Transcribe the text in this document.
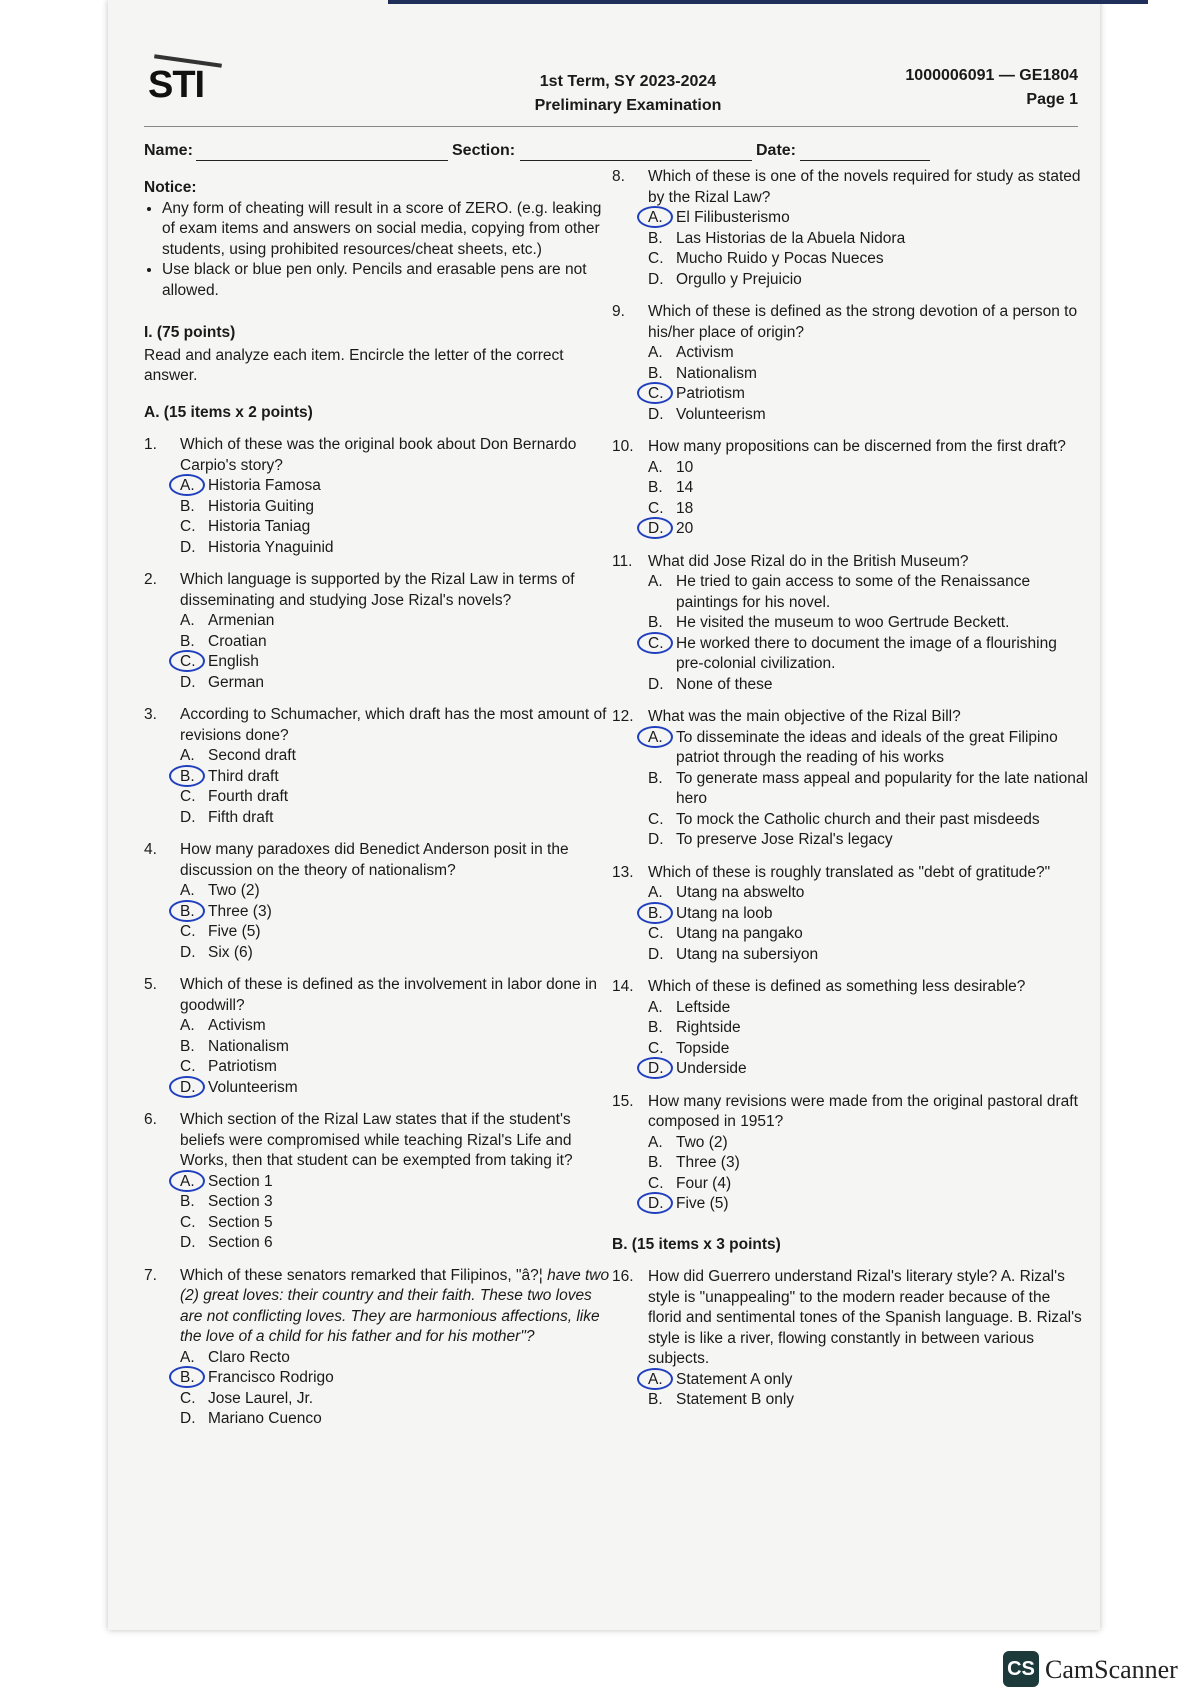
STI	1st Term, SY 2023-2024
Preliminary Examination
1000006091 — GE1804
Page 1
Name:	Section:	Date:
Notice:
• Any form of cheating will result in a score of ZERO. (e.g. leaking of exam items and answers on social media, copying from other students, using prohibited resources/cheat sheets, etc.)
• Use black or blue pen only. Pencils and erasable pens are not allowed.
I. (75 points)
Read and analyze each item. Encircle the letter of the correct answer.
A. (15 items x 2 points)
1.	Which of these was the original book about Don Bernardo Carpio's story?
A. Historia Famosa
B. Historia Guiting
C. Historia Taniag
D. Historia Ynaguinid
2.	Which language is supported by the Rizal Law in terms of disseminating and studying Jose Rizal's novels?
A. Armenian
B. Croatian
C. English
D. German
3.	According to Schumacher, which draft has the most amount of revisions done?
A. Second draft
B. Third draft
C. Fourth draft
D. Fifth draft
4.	How many paradoxes did Benedict Anderson posit in the discussion on the theory of nationalism?
A. Two (2)
B. Three (3)
C. Five (5)
D. Six (6)
5.	Which of these is defined as the involvement in labor done in goodwill?
A. Activism
B. Nationalism
C. Patriotism
D. Volunteerism
6.	Which section of the Rizal Law states that if the student's beliefs were compromised while teaching Rizal's Life and Works, then that student can be exempted from taking it?
A. Section 1
B. Section 3
C. Section 5
D. Section 6
7.	Which of these senators remarked that Filipinos, "â?¦ have two (2) great loves: their country and their faith. These two loves are not conflicting loves. They are harmonious affections, like the love of a child for his father and for his mother"?
A. Claro Recto
B. Francisco Rodrigo
C. Jose Laurel, Jr.
D. Mariano Cuenco
8.	Which of these is one of the novels required for study as stated by the Rizal Law?
A. El Filibusterismo
B. Las Historias de la Abuela Nidora
C. Mucho Ruido y Pocas Nueces
D. Orgullo y Prejuicio
9.	Which of these is defined as the strong devotion of a person to his/her place of origin?
A. Activism
B. Nationalism
C. Patriotism
D. Volunteerism
10. How many propositions can be discerned from the first draft?
A. 10
B. 14
C. 18
D. 20
11.	What did Jose Rizal do in the British Museum?
A. He tried to gain access to some of the Renaissance paintings for his novel.
B. He visited the museum to woo Gertrude Beckett.
C. He worked there to document the image of a flourishing pre-colonial civilization.
D. None of these
12. What was the main objective of the Rizal Bill?
A. To disseminate the ideas and ideals of the great Filipino patriot through the reading of his works
B. To generate mass appeal and popularity for the late national hero
C. To mock the Catholic church and their past misdeeds
D. To preserve Jose Rizal's legacy
13. Which of these is roughly translated as "debt of gratitude?"
A. Utang na abswelto
B. Utang na loob
C. Utang na pangako
D. Utang na subersiyon
14. Which of these is defined as something less desirable?
A. Leftside
B. Rightside
C. Topside
D. Underside
15. How many revisions were made from the original pastoral draft composed in 1951?
A. Two (2)
B. Three (3)
C. Four (4)
D. Five (5)
B. (15 items x 3 points)
16. How did Guerrero understand Rizal's literary style? A. Rizal's style is "unappealing" to the modern reader because of the florid and sentimental tones of the Spanish language. B. Rizal's style is like a river, flowing constantly in between various subjects.
A. Statement A only
B. Statement B only
CS CamScanner
